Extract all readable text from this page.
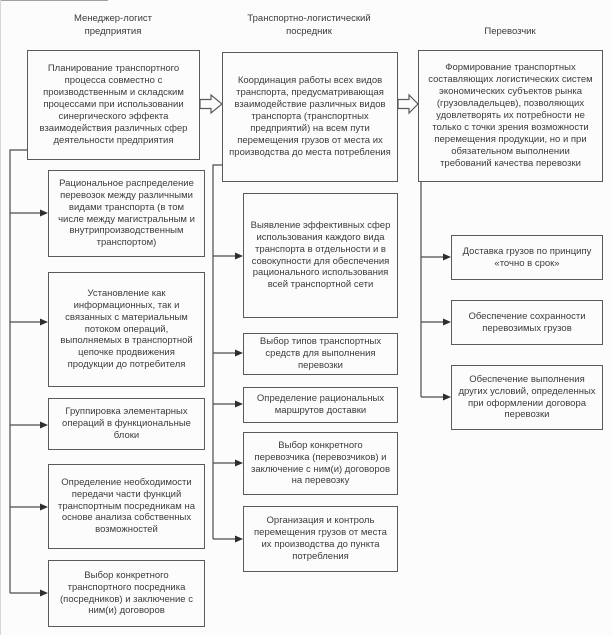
Менеджер-логист предприятия
Транспортно-логистический посредник	Перевозчик
Планирование транспортного процесса совместно с производственным и складским процессами при использовании синергического эффекта взаимодействия различных сфер деятельности предприятия
Рациональное распределение перевозок между различными видами транспорта (в том числе между магистральным и внутрипроизводственным транспортом)
Установление как информационных, так и связанных с материальным потоком операций, выполняемых в транспортной цепочке продвижения продукции до потребителя
Группировка элементарных операций в функциональные блоки
Определение необходимости передачи части функций транспортным посредникам на основе анализа собственных возможностей
Выбор конкретного транспортного посредника (посредников) и заключение с ним(и) договоров
Координация работы всех видов транспорта, предусматривающая взаимодействие различных видов транспорта (транспортных предприятий) на всем пути перемещения грузов от места их производства до места потребления
Выявление эффективных сфер использования каждого вида транспорта в отдельности и в совокупности для обеспечения рационального использования всей транспортной сети
Выбор типов транспортных средств для выполнения перевозки
Определение рациональных маршрутов доставки
Выбор конкретного перевозчика (перевозчиков) и заключение с ним(и) договоров на перевозку
Организация и контроль перемещения грузов от места их производства до пункта потребления
Формирование транспортных составляющих логистических систем экономических субъектов рынка (грузовладельцев), позволяющих удовлетворять их потребности не только с точки зрения возможности перемещения продукции, но и при обязательном выполнении требований качества перевозки
Доставка грузов по принципу «точно в срок»
Обеспечение сохранности перевозимых грузов
Обеспечение выполнения других условий, определенных при оформлении договора перевозки
